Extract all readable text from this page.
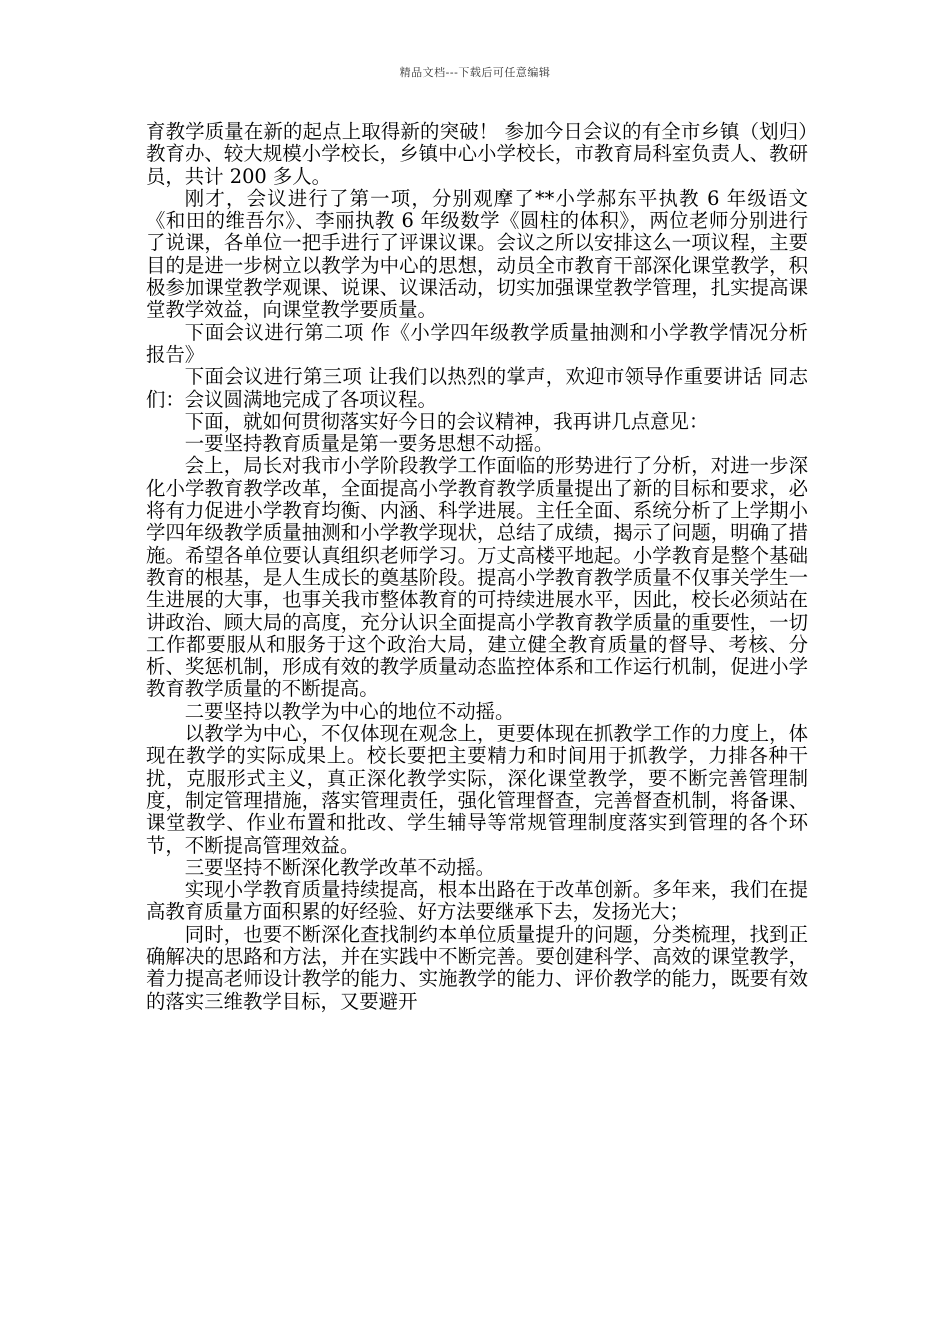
精品文档---下载后可任意编辑

育教学质量在新的起点上取得新的突破！ 参加今日会议的有全市乡镇（划归）教育办、较大规模小学校长，乡镇中心小学校长，市教育局科室负责人、教研员，共计 200 多人。

刚才，会议进行了第一项，分别观摩了**小学郝东平执教 6 年级语文《和田的维吾尔》、李丽执教 6 年级数学《圆柱的体积》，两位老师分别进行了说课，各单位一把手进行了评课议课。会议之所以安排这么一项议程，主要目的是进一步树立以教学为中心的思想，动员全市教育干部深化课堂教学，积极参加课堂教学观课、说课、议课活动，切实加强课堂教学管理，扎实提高课堂教学效益，向课堂教学要质量。

下面会议进行第二项 作《小学四年级教学质量抽测和小学教学情况分析报告》

下面会议进行第三项 让我们以热烈的掌声，欢迎市领导作重要讲话 同志们：会议圆满地完成了各项议程。

下面，就如何贯彻落实好今日的会议精神，我再讲几点意见：

一要坚持教育质量是第一要务思想不动摇。

会上，局长对我市小学阶段教学工作面临的形势进行了分析，对进一步深化小学教育教学改革，全面提高小学教育教学质量提出了新的目标和要求，必将有力促进小学教育均衡、内涵、科学进展。主任全面、系统分析了上学期小学四年级教学质量抽测和小学教学现状，总结了成绩，揭示了问题，明确了措施。希望各单位要认真组织老师学习。万丈高楼平地起。小学教育是整个基础教育的根基，是人生成长的奠基阶段。提高小学教育教学质量不仅事关学生一生进展的大事，也事关我市整体教育的可持续进展水平，因此，校长必须站在讲政治、顾大局的高度，充分认识全面提高小学教育教学质量的重要性，一切工作都要服从和服务于这个政治大局，建立健全教育质量的督导、考核、分析、奖惩机制，形成有效的教学质量动态监控体系和工作运行机制，促进小学教育教学质量的不断提高。

二要坚持以教学为中心的地位不动摇。

以教学为中心，不仅体现在观念上，更要体现在抓教学工作的力度上，体现在教学的实际成果上。校长要把主要精力和时间用于抓教学，力排各种干扰，克服形式主义，真正深化教学实际，深化课堂教学，要不断完善管理制度，制定管理措施，落实管理责任，强化管理督查，完善督查机制，将备课、课堂教学、作业布置和批改、学生辅导等常规管理制度落实到管理的各个环节，不断提高管理效益。

三要坚持不断深化教学改革不动摇。

实现小学教育质量持续提高，根本出路在于改革创新。多年来，我们在提高教育质量方面积累的好经验、好方法要继承下去，发扬光大；

同时，也要不断深化查找制约本单位质量提升的问题，分类梳理，找到正确解决的思路和方法，并在实践中不断完善。要创建科学、高效的课堂教学，着力提高老师设计教学的能力、实施教学的能力、评价教学的能力，既要有效的落实三维教学目标，又要避开
